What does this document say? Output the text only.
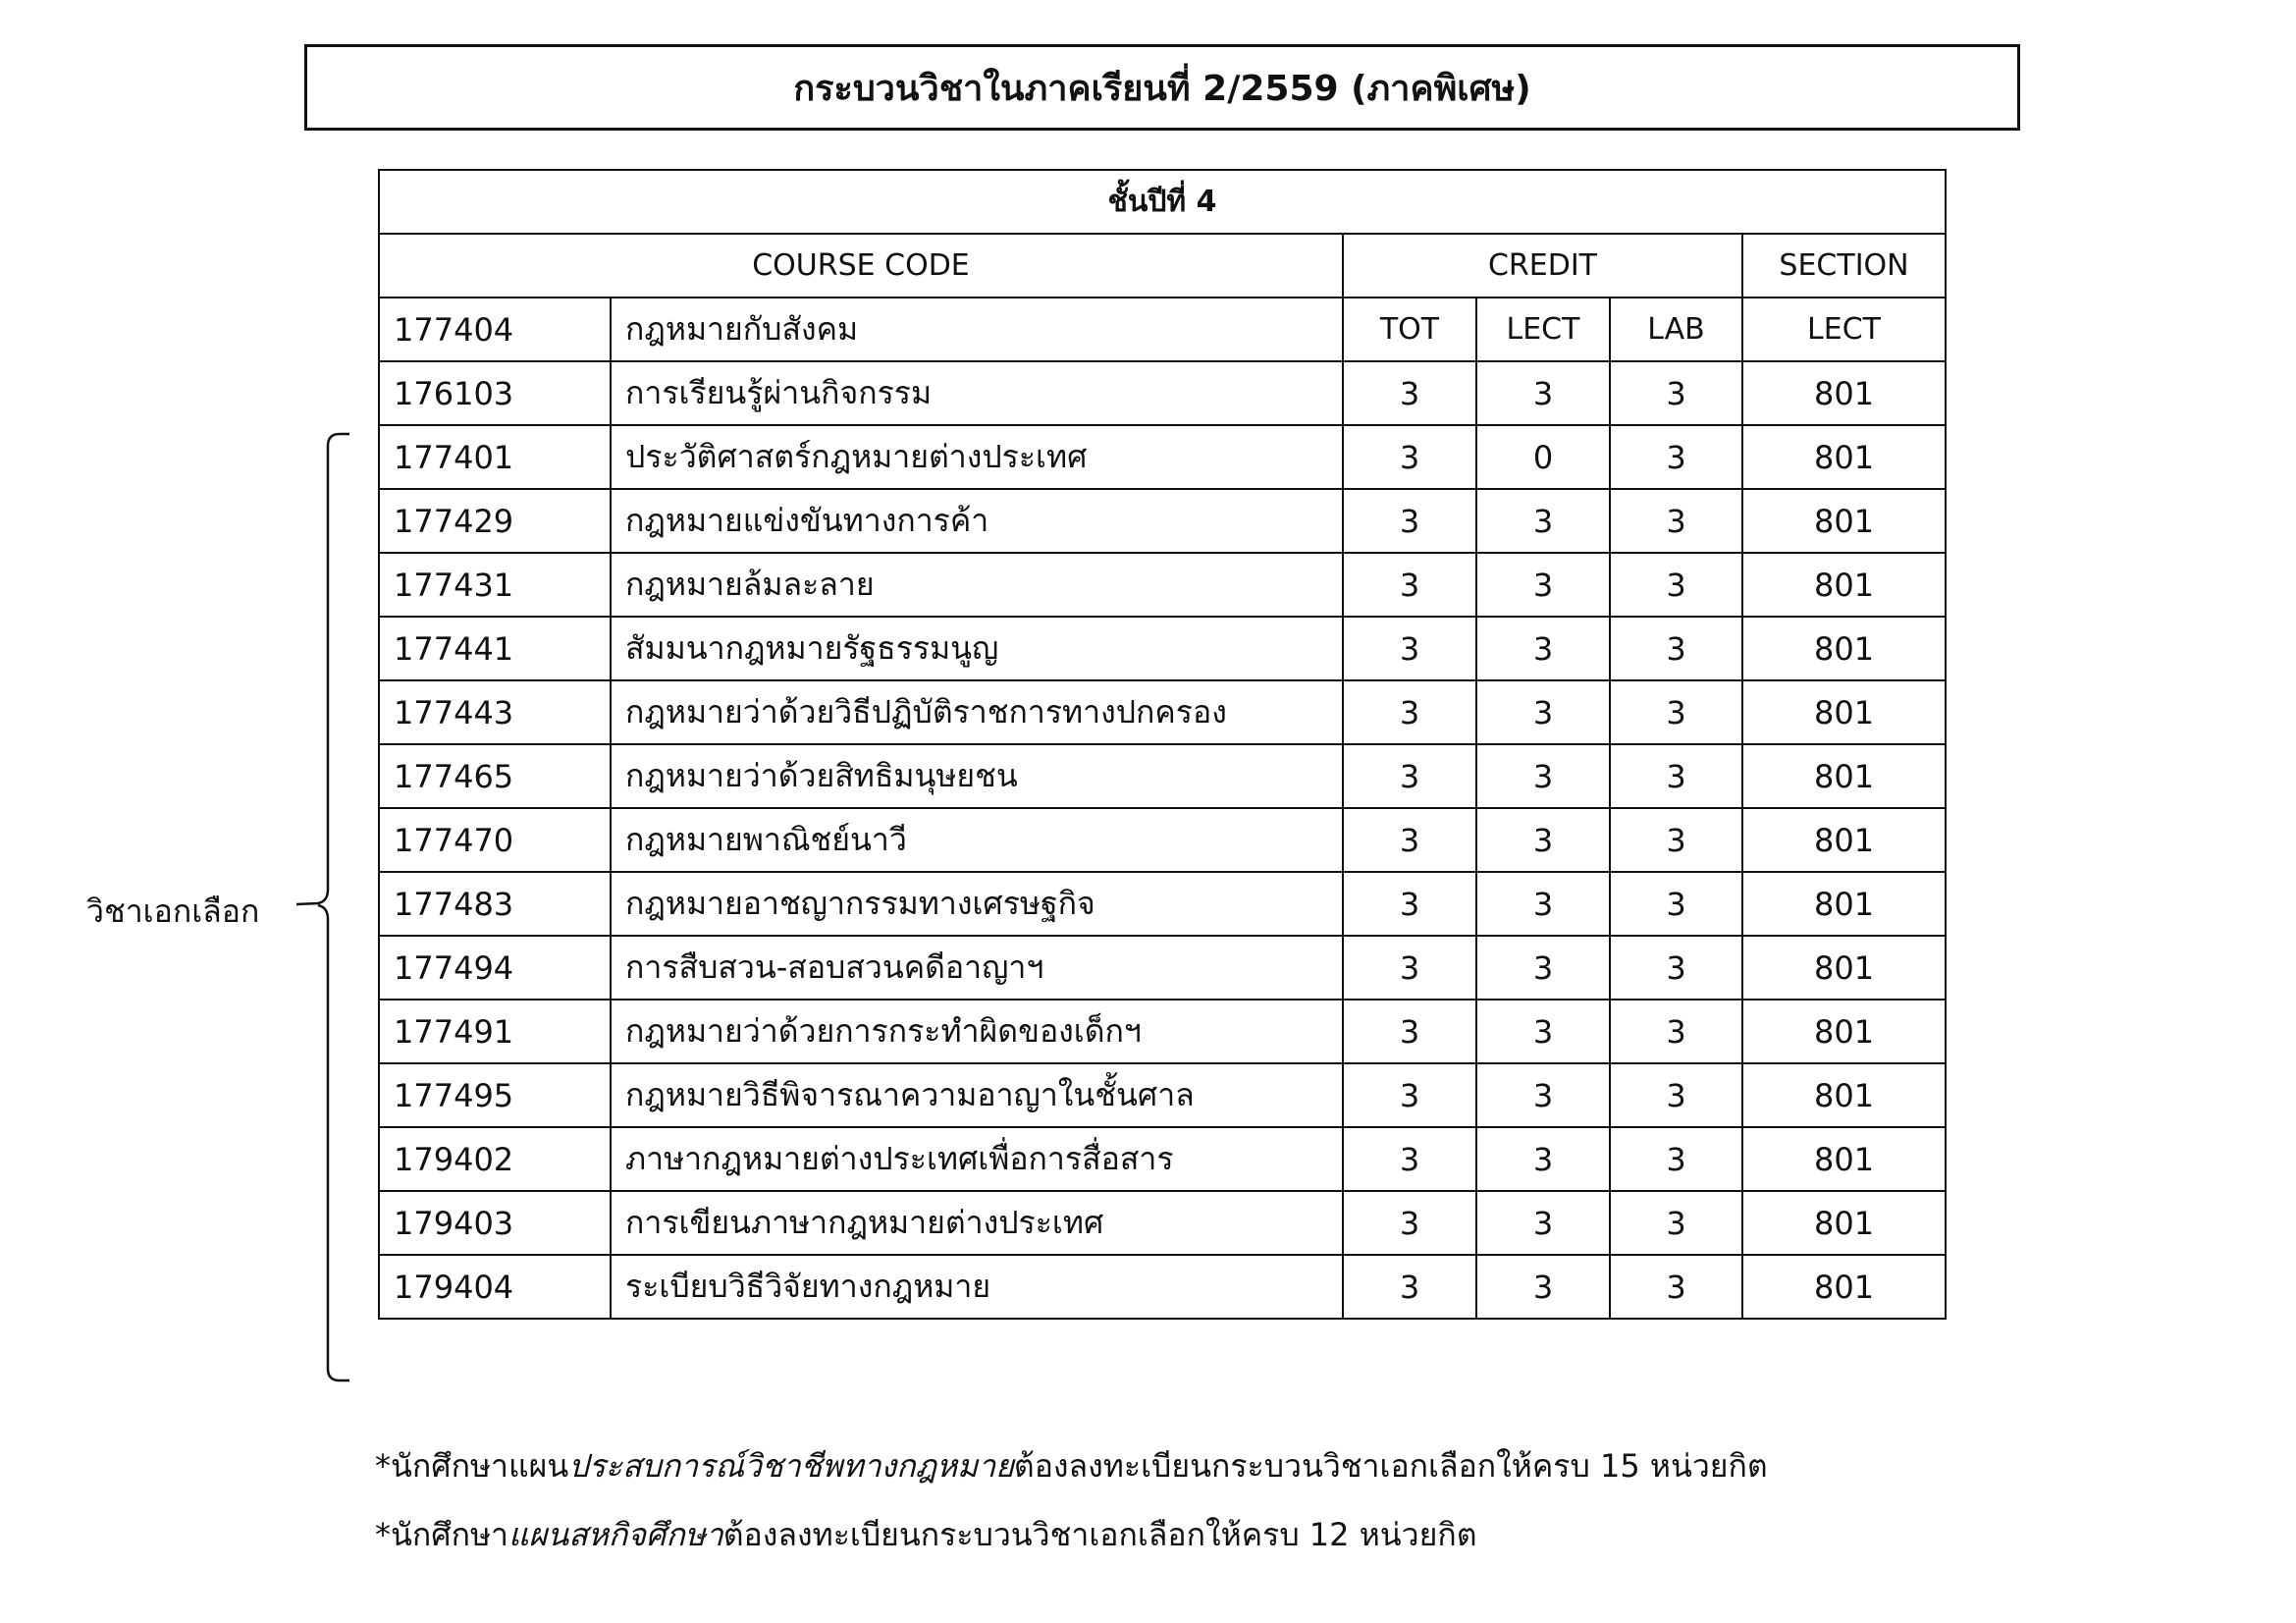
กระบวนวิชาในภาคเรียนที่ 2/2559 (ภาคพิเศษ)
ชั้นปีที่ 4					
COURSE CODE		CREDIT			SECTION
177404	กฎหมายกับสังคม	TOT	LECT	LAB	LECT
176103	การเรียนรู้ผ่านกิจกรรม	3	3	3	801
177401	ประวัติศาสตร์กฎหมายต่างประเทศ	3	0	3	801
177429	กฎหมายแข่งขันทางการค้า	3	3	3	801
177431	กฎหมายล้มละลาย	3	3	3	801
177441	สัมมนากฎหมายรัฐธรรมนูญ	3	3	3	801
177443	กฎหมายว่าด้วยวิธีปฏิบัติราชการทางปกครอง	3	3	3	801
177465	กฎหมายว่าด้วยสิทธิมนุษยชน	3	3	3	801
177470	กฎหมายพาณิชย์นาวี	3	3	3	801
177483	กฎหมายอาชญากรรมทางเศรษฐกิจ	3	3	3	801
177494	การสืบสวน-สอบสวนคดีอาญาฯ	3	3	3	801
177491	กฎหมายว่าด้วยการกระทำผิดของเด็กฯ	3	3	3	801
177495	กฎหมายวิธีพิจารณาความอาญาในชั้นศาล	3	3	3	801
179402	ภาษากฎหมายต่างประเทศเพื่อการสื่อสาร	3	3	3	801
179403	การเขียนภาษากฎหมายต่างประเทศ	3	3	3	801
179404	ระเบียบวิธีวิจัยทางกฎหมาย	3	3	3	801
วิชาเอกเลือก
*นักศึกษาแผนประสบการณ์วิชาชีพทางกฎหมายต้องลงทะเบียนกระบวนวิชาเอกเลือกให้ครบ 15 หน่วยกิต
*นักศึกษาแผนสหกิจศึกษาต้องลงทะเบียนกระบวนวิชาเอกเลือกให้ครบ 12 หน่วยกิต
